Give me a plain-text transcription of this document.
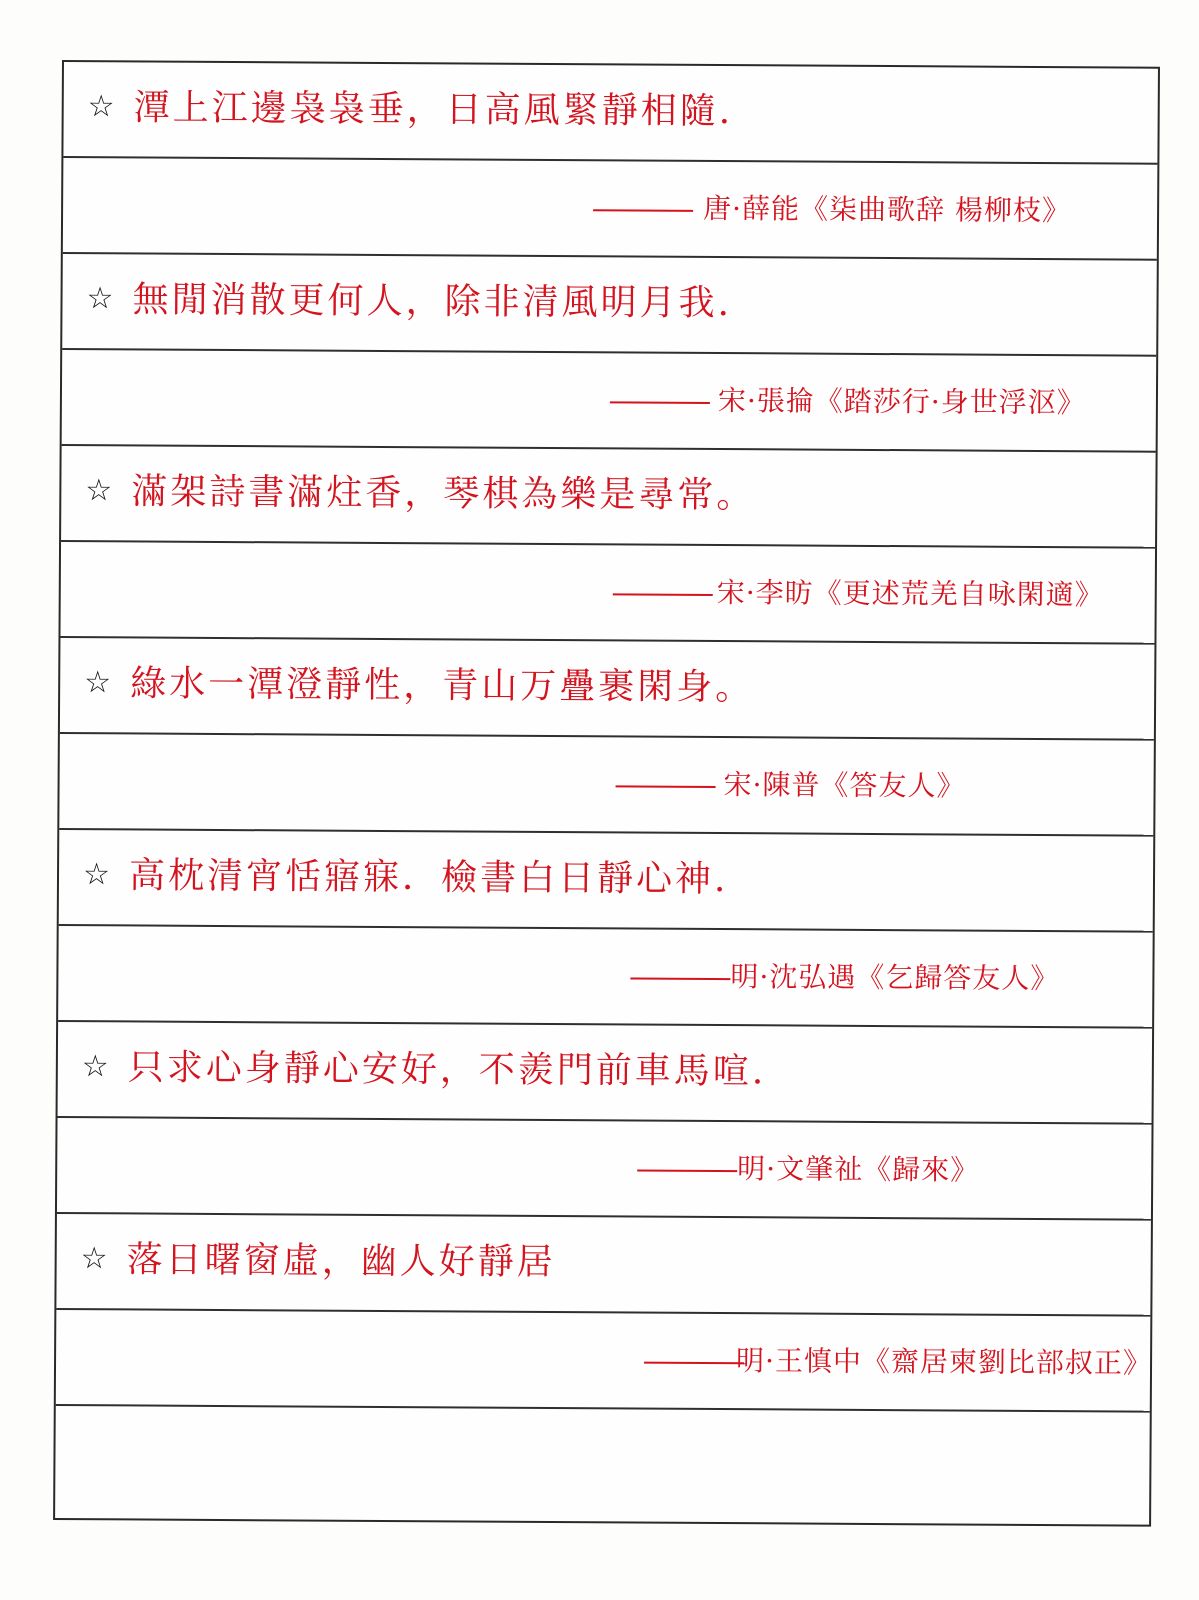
☆ 潭上江邊袅袅垂，日高風緊靜相隨.
唐·薛能《柒曲歌辞 楊柳枝》
☆ 無閒消散更何人，除非清風明月我.
宋·張掄《踏莎行·身世浮沤》
☆ 滿架詩書滿炷香，琴棋為樂是尋常。
宋·李昉《更述荒羌自咏閑適》
☆ 綠水一潭澄靜性，青山万疊裹閑身。
宋·陳普《答友人》
☆ 高枕清宵恬寤寐．檢書白日靜心神.
明·沈弘遇《乞歸答友人》
☆ 只求心身靜心安好，不羨門前車馬喧.
明·文肇祉《歸來》
☆ 落日曙窗虛，幽人好靜居
明·王慎中《齋居柬劉比部叔正》
